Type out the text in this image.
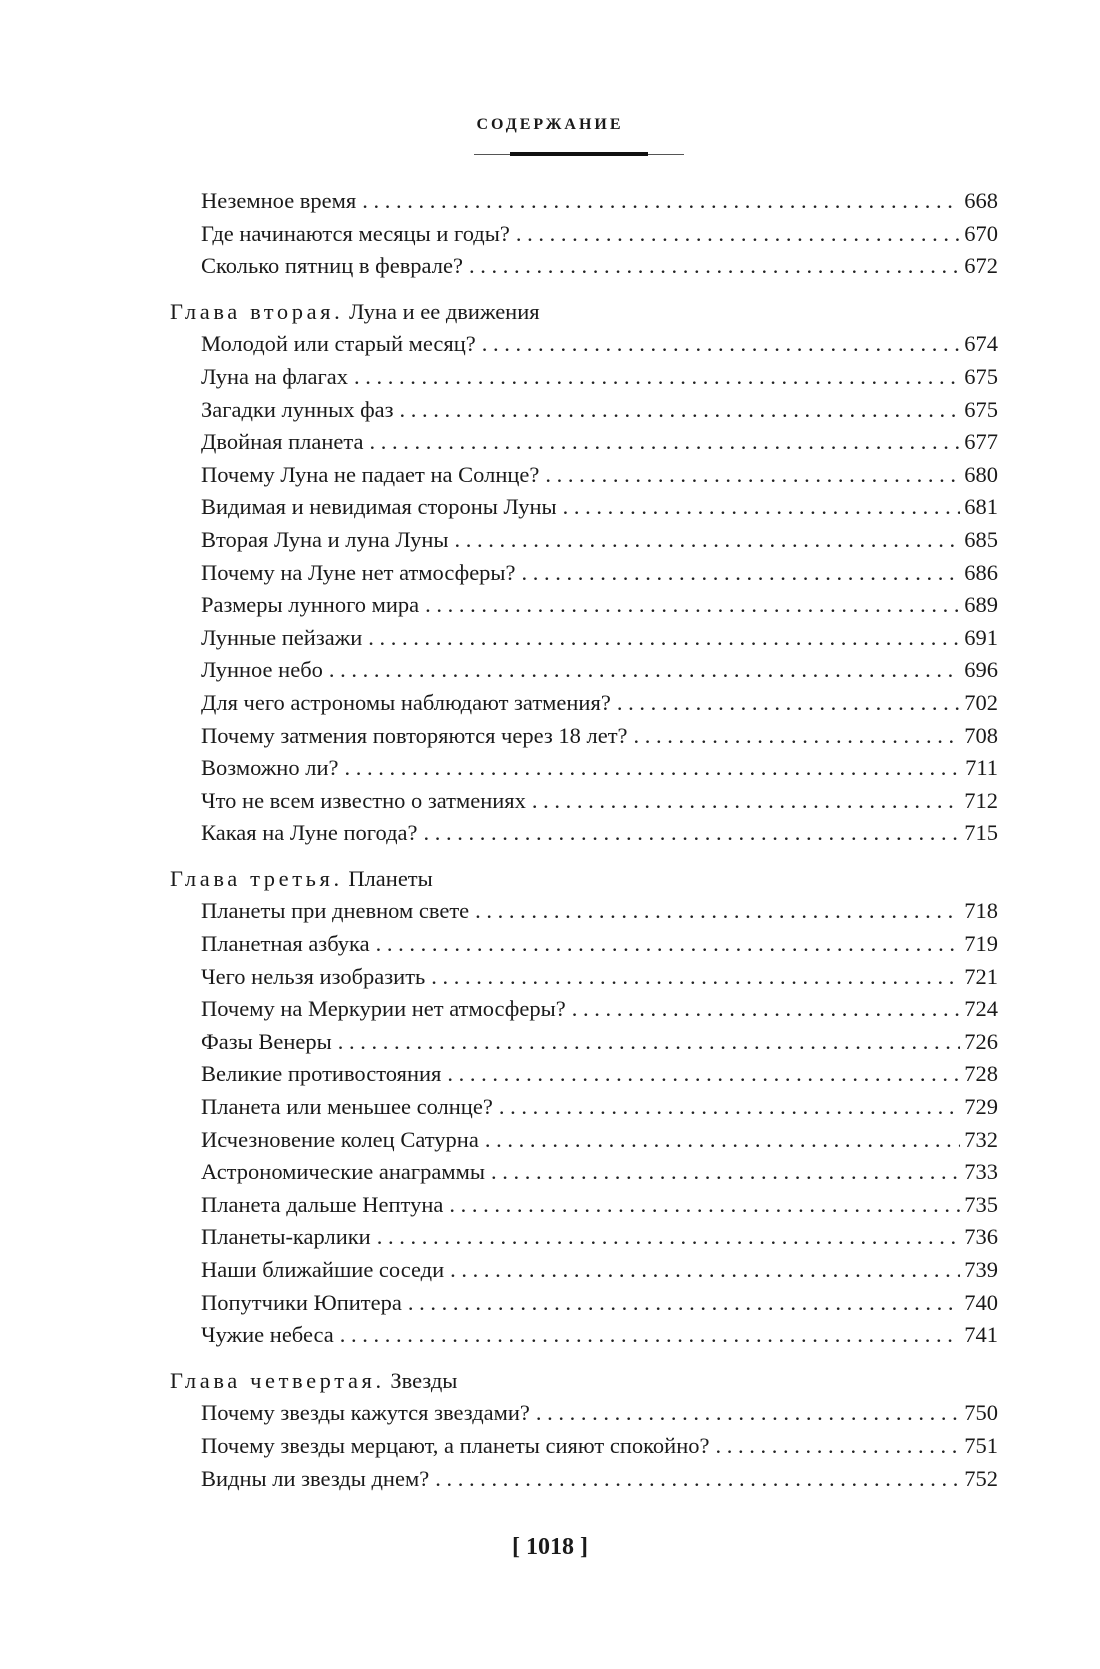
СОДЕРЖАНИЕ
Неземное время . . .	668
Где начинаются месяцы и годы? . . .	670
Сколько пятниц в феврале? . . .	672
Глава вторая. Луна и ее движения
Молодой или старый месяц? . . .	674
Луна на флагах . . .	675
Загадки лунных фаз . . .	675
Двойная планета . . .	677
Почему Луна не падает на Солнце? . . .	680
Видимая и невидимая стороны Луны . . .	681
Вторая Луна и луна Луны . . .	685
Почему на Луне нет атмосферы? . . .	686
Размеры лунного мира . . .	689
Лунные пейзажи . . .	691
Лунное небо . . .	696
Для чего астрономы наблюдают затмения? . . .	702
Почему затмения повторяются через 18 лет? . . .	708
Возможно ли? . . .	711
Что не всем известно о затмениях . . .	712
Какая на Луне погода? . . .	715
Глава третья. Планеты
Планеты при дневном свете . . .	718
Планетная азбука . . .	719
Чего нельзя изобразить . . .	721
Почему на Меркурии нет атмосферы? . . .	724
Фазы Венеры . . .	726
Великие противостояния . . .	728
Планета или меньшее солнце? . . .	729
Исчезновение колец Сатурна . . .	732
Астрономические анаграммы . . .	733
Планета дальше Нептуна . . .	735
Планеты-карлики . . .	736
Наши ближайшие соседи . . .	739
Попутчики Юпитера . . .	740
Чужие небеса . . .	741
Глава четвертая. Звезды
Почему звезды кажутся звездами? . . .	750
Почему звезды мерцают, а планеты сияют спокойно? . . .	751
Видны ли звезды днем? . . .	752
[ 1018 ]
